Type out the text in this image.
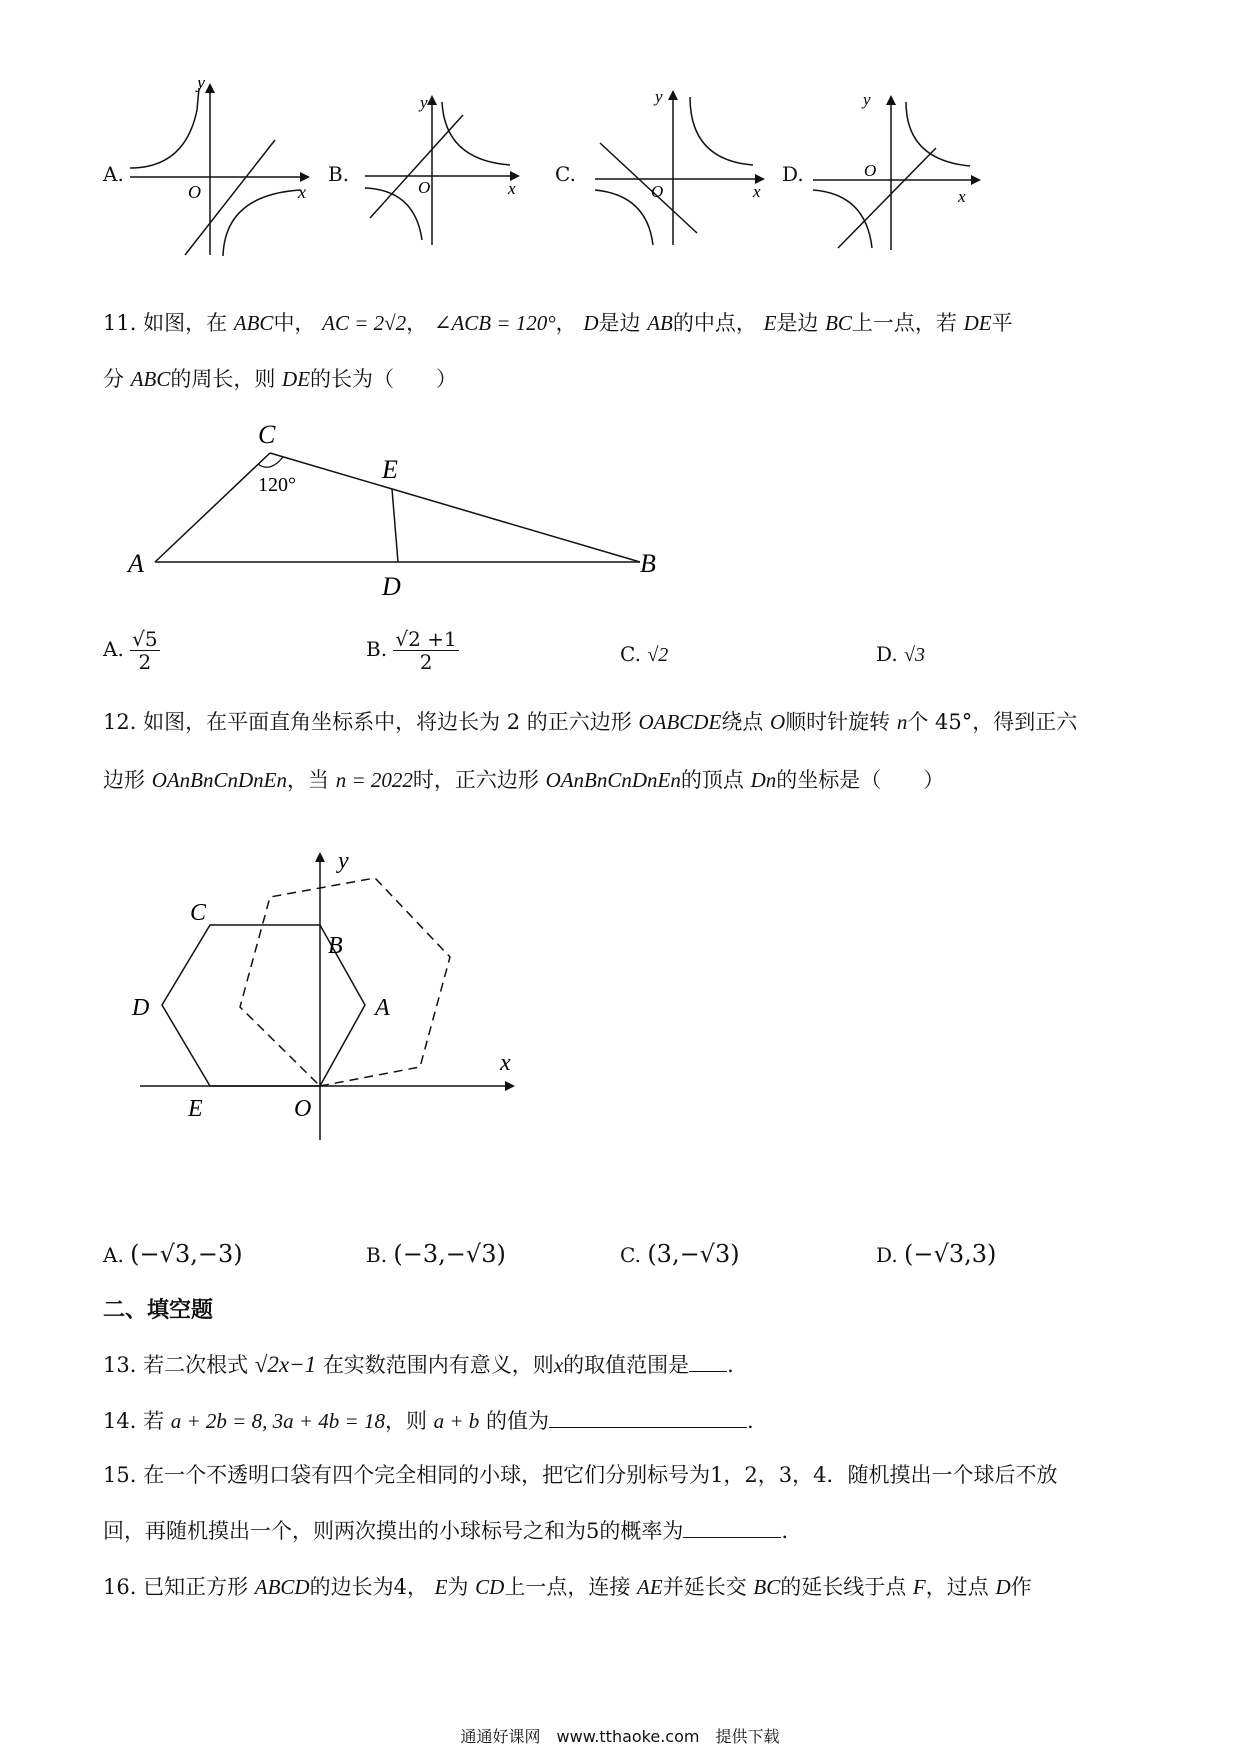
A.	B.	C.	D.
y
x
O
y
x
O
y
x
O
y
x
O
11. 如图，在 ABC中， AC = 2√2， ∠ACB = 120°， D是边 AB的中点， E是边 BC上一点，若 DE平
分 ABC的周长，则 DE的长为（　　）
C
E
A
D
B
120°
A. $\frac{√5}{2}$	B. $\frac{√2 +1}{2}$	C. √2	D. √3
12. 如图，在平面直角坐标系中，将边长为 2 的正六边形 OABCDE绕点 O顺时针旋转 n个 45°，得到正六
边形 OAnBnCnDnEn，当 n = 2022时，正六边形 OAnBnCnDnEn的顶点 Dn的坐标是（　　）
y
x
C
B
D	A
E	O
A. (−√3,−3)	B. (−3,−√3)	C. (3,−√3)	D. (−√3,3)
二、填空题
13. 若二次根式 √2x−1 在实数范围内有意义，则x的取值范围是 .
14. 若 a + 2b = 8, 3a + 4b = 18，则 a + b 的值为	.
15. 在一个不透明口袋有四个完全相同的小球，把它们分别标号为1，2，3，4．随机摸出一个球后不放
回，再随机摸出一个，则两次摸出的小球标号之和为5的概率为	.
16. 已知正方形 ABCD的边长为4， E为 CD上一点，连接 AE并延长交 BC的延长线于点 F，过点 D作
通通好课网　www.tthaoke.com　提供下载
